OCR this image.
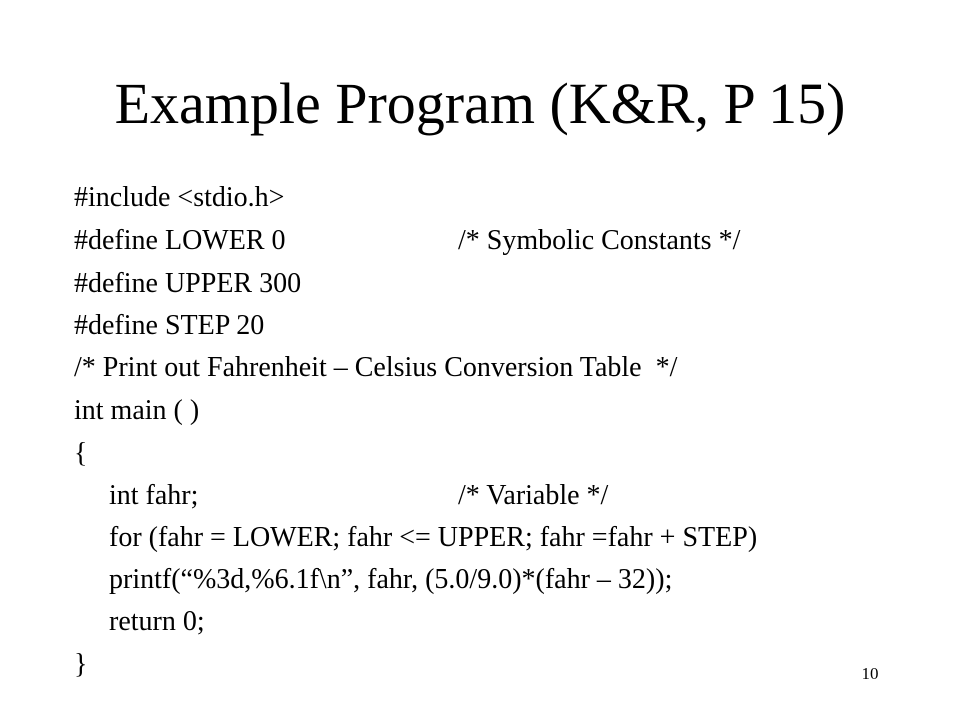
Example Program (K&R, P 15)
#include <stdio.h>
#define LOWER 0	/* Symbolic Constants */
#define UPPER 300
#define STEP 20
/* Print out Fahrenheit – Celsius Conversion Table  */
int main ( )
{
int fahr;	/* Variable */
for (fahr = LOWER; fahr <= UPPER; fahr =fahr + STEP)
printf(“%3d,%6.1f\n”, fahr, (5.0/9.0)*(fahr – 32));
return 0;
}	10
